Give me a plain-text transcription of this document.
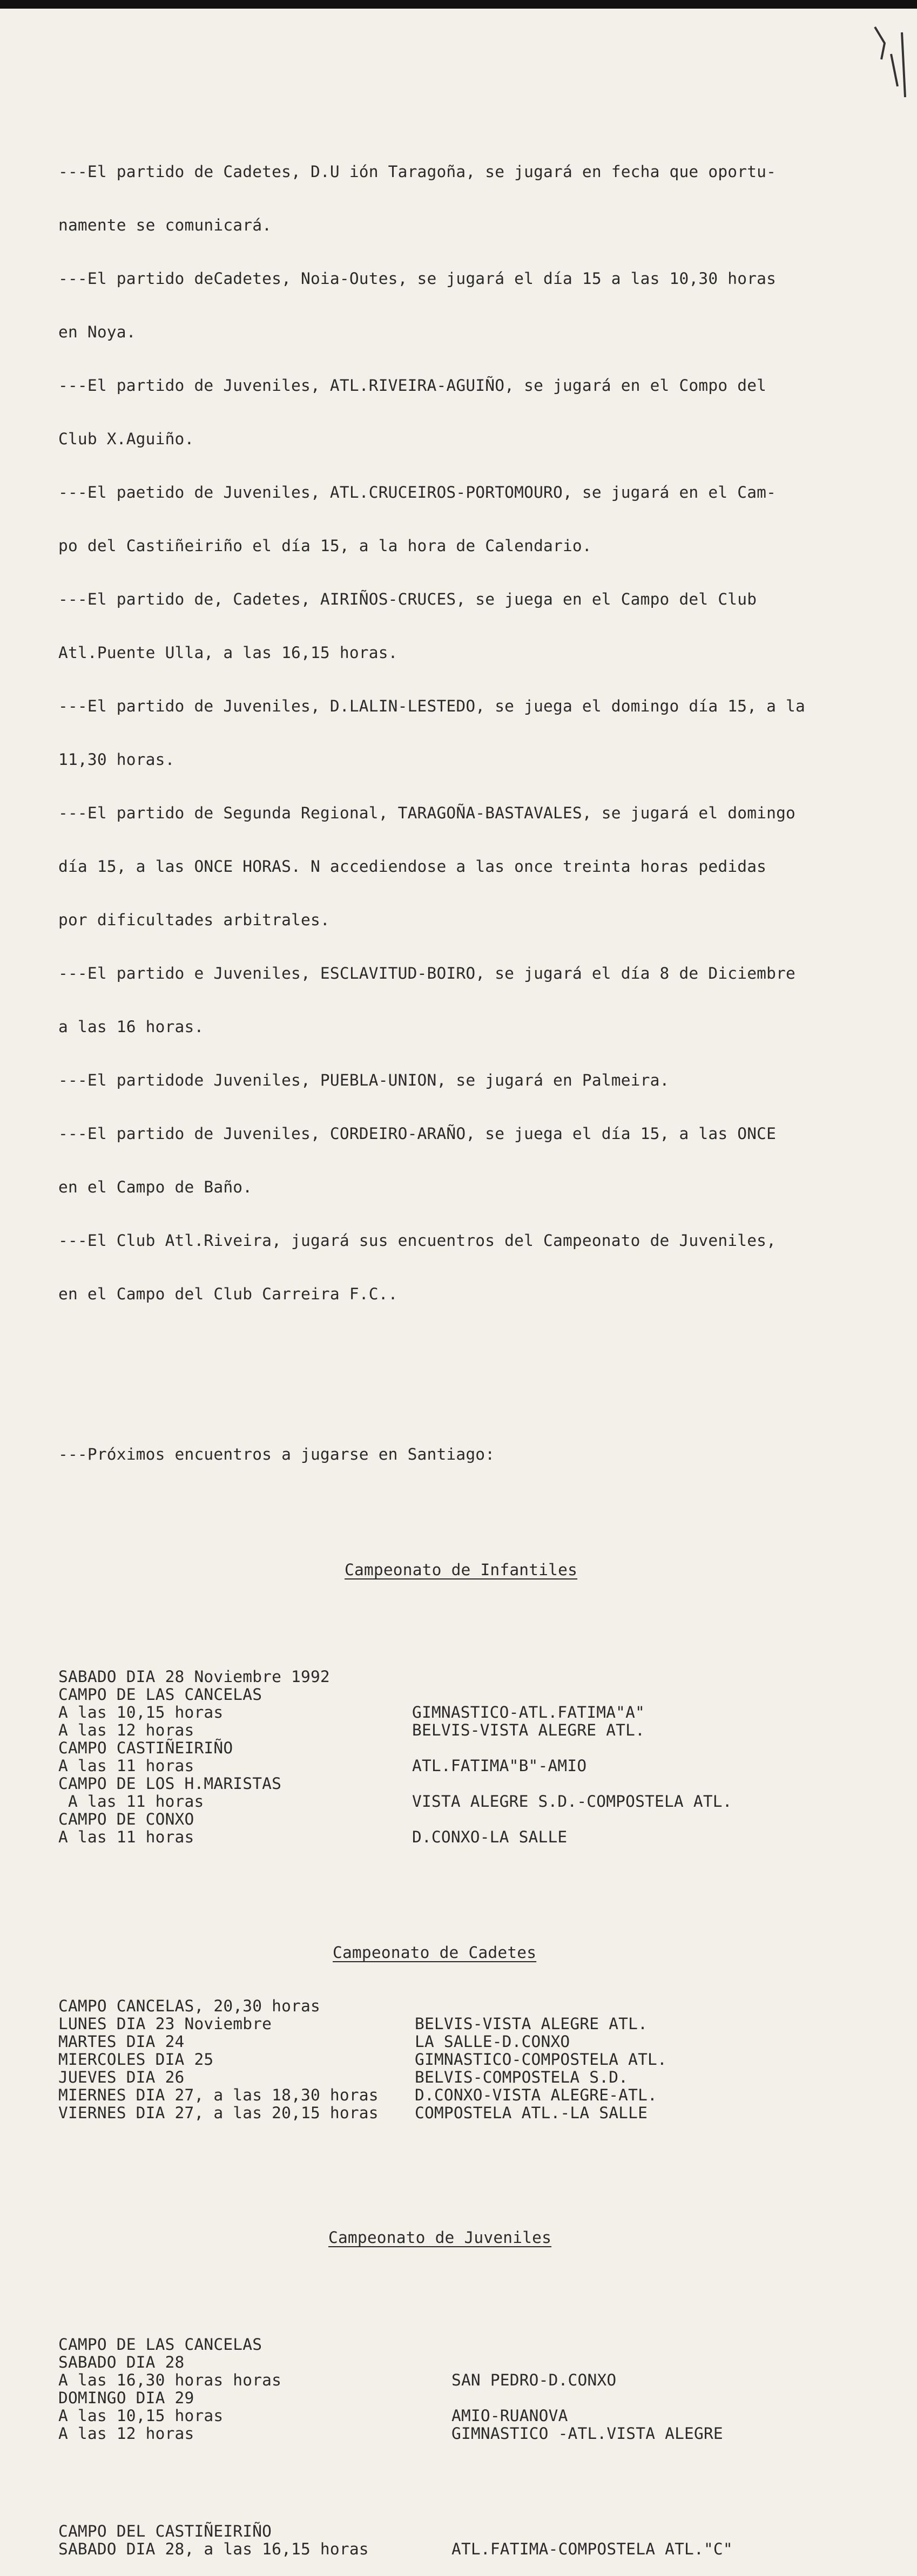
---El partido de Cadetes, D.U ión Taragoña, se jugará en fecha que oportu-

namente se comunicará.

---El partido deCadetes, Noia-Outes, se jugará el día 15 a las 10,30 horas

en Noya.

---El partido de Juveniles, ATL.RIVEIRA-AGUIÑO, se jugará en el Compo del

Club X.Aguiño.

---El paetido de Juveniles, ATL.CRUCEIROS-PORTOMOURO, se jugará en el Cam-

po del Castiñeiriño el día 15, a la hora de Calendario.

---El partido de, Cadetes, AIRIÑOS-CRUCES, se juega en el Campo del Club

Atl.Puente Ulla, a las 16,15 horas.

---El partido de Juveniles, D.LALIN-LESTEDO, se juega el domingo día 15, a la

11,30 horas.

---El partido de Segunda Regional, TARAGOÑA-BASTAVALES, se jugará el domingo

día 15, a las ONCE HORAS. N accediendose a las once treinta horas pedidas

por dificultades arbitrales.

---El partido e Juveniles, ESCLAVITUD-BOIRO, se jugará el día 8 de Diciembre

a las 16 horas.

---El partidode Juveniles, PUEBLA-UNION, se jugará en Palmeira.

---El partido de Juveniles, CORDEIRO-ARAÑO, se juega el día 15, a las ONCE

en el Campo de Baño.

---El Club Atl.Riveira, jugará sus encuentros del Campeonato de Juveniles,

en el Campo del Club Carreira F.C..

---Próximos encuentros a jugarse en Santiago:

Campeonato de Infantiles

SABADO DIA 28 Noviembre 1992
CAMPO DE LAS CANCELAS
A las 10,15 horas	GIMNASTICO-ATL.FATIMA"A"
A las 12 horas	BELVIS-VISTA ALEGRE ATL.
CAMPO CASTIÑEIRIÑO
A las 11 horas	ATL.FATIMA"B"-AMIO
CAMPO DE LOS H.MARISTAS
A las 11 horas	VISTA ALEGRE S.D.-COMPOSTELA ATL.
CAMPO DE CONXO
A las 11 horas	D.CONXO-LA SALLE

Campeonato de Cadetes

CAMPO CANCELAS, 20,30 horas
LUNES DIA 23 Noviembre	BELVIS-VISTA ALEGRE ATL.
MARTES DIA 24	LA SALLE-D.CONXO
MIERCOLES DIA 25	GIMNASTICO-COMPOSTELA ATL.
JUEVES DIA 26	BELVIS-COMPOSTELA S.D.
MIERNES DIA 27, a las 18,30 horas D.CONXO-VISTA ALEGRE-ATL.
VIERNES DIA 27, a las 20,15 horas COMPOSTELA ATL.-LA SALLE

Campeonato de Juveniles

CAMPO DE LAS CANCELAS
SABADO DIA 28
A las 16,30 horas horas	SAN PEDRO-D.CONXO
DOMINGO DIA 29
A las 10,15 horas	AMIO-RUANOVA
A las 12 horas	GIMNASTICO -ATL.VISTA ALEGRE

CAMPO DEL CASTIÑEIRIÑO
SABADO DIA 28, a las 16,15 horas	ATL.FATIMA-COMPOSTELA ATL."C"
